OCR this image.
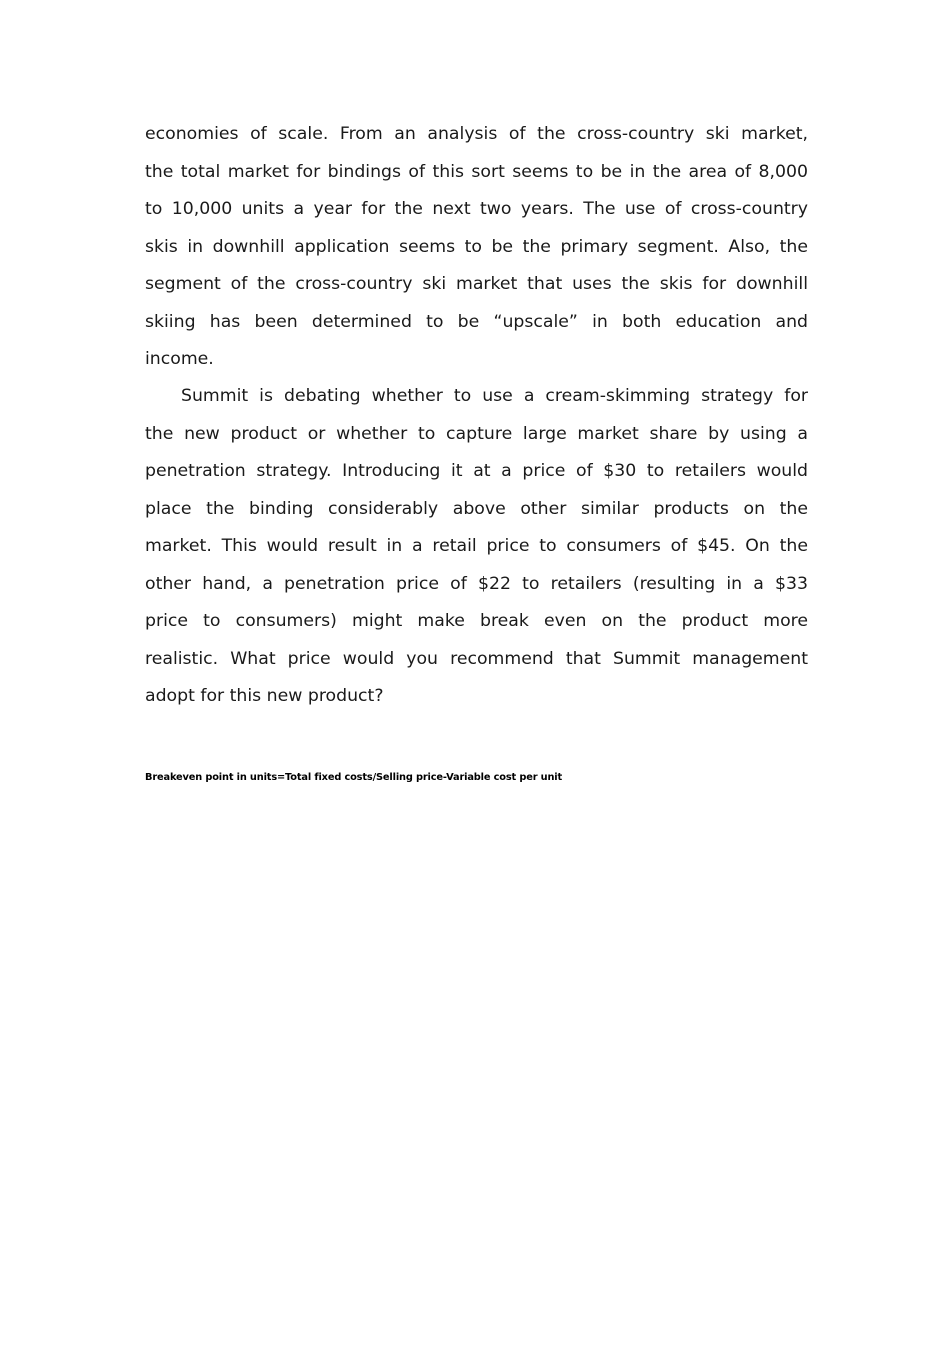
economies of scale. From an analysis of the cross-country ski market,
the total market for bindings of this sort seems to be in the area of 8,000
to 10,000 units a year for the next two years. The use of cross-country
skis in downhill application seems to be the primary segment. Also, the
segment of the cross-country ski market that uses the skis for downhill
skiing has been determined to be “upscale” in both education and
income.
Summit is debating whether to use a cream-skimming strategy for
the new product or whether to capture large market share by using a
penetration strategy. Introducing it at a price of $30 to retailers would
place the binding considerably above other similar products on the
market. This would result in a retail price to consumers of $45. On the
other hand, a penetration price of $22 to retailers (resulting in a $33
price to consumers) might make break even on the product more
realistic. What price would you recommend that Summit management
adopt for this new product?
Breakeven point in units=Total fixed costs/Selling price-Variable cost per unit
